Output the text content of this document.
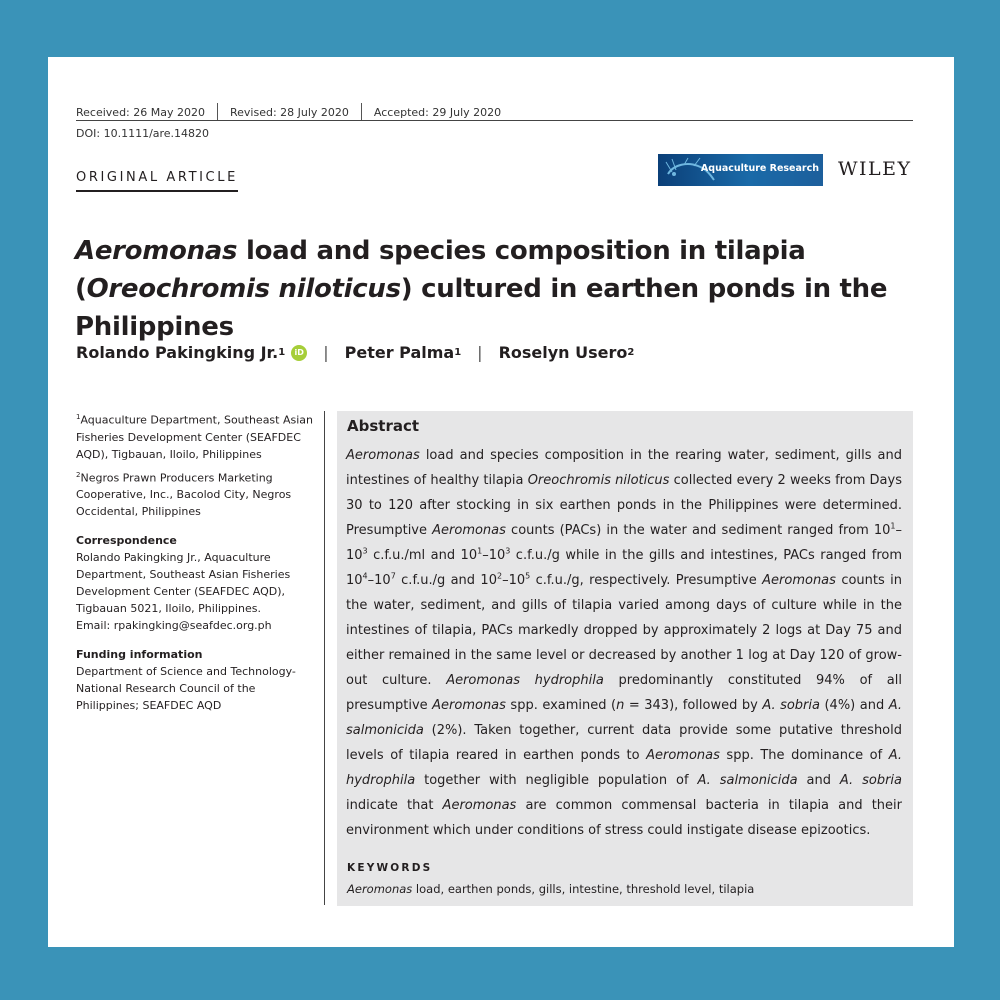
Received: 26 May 2020 Revised: 28 July 2020 Accepted: 29 July 2020
DOI: 10.1111/are.14820
ORIGINAL ARTICLE
Aquaculture Research WILEY
Aeromonas load and species composition in tilapia (Oreochromis niloticus) cultured in earthen ponds in the Philippines
Rolando Pakingking Jr. 1	iD | Peter Palma 1 | Roselyn Usero 2

$^1$Aquaculture Department, Southeast Asian Fisheries Development Center (SEAFDEC AQD), Tigbauan, Iloilo, Philippines

$^2$Negros Prawn Producers Marketing Cooperative, Inc., Bacolod City, Negros Occidental, Philippines

Correspondence

Rolando Pakingking Jr., Aquaculture Department, Southeast Asian Fisheries Development Center (SEAFDEC AQD), Tigbauan 5021, Iloilo, Philippines.

Email: rpakingking@seafdec.org.ph

Funding information

Department of Science and Technology-National Research Council of the Philippines; SEAFDEC AQD

Abstract
Aeromonas load and species composition in the rearing water, sediment, gills and intestines of healthy tilapia Oreochromis niloticus collected every 2 weeks from Days 30 to 120 after stocking in six earthen ponds in the Philippines were determined. Presumptive Aeromonas counts (PACs) in the water and sediment ranged from $10^1-10^3$ c.f.u./ml and $10^1-10^3$ c.f.u./g while in the gills and intestines, PACs ranged from $10^4-10^7$ c.f.u./g and $10^2-10^5$ c.f.u./g, respectively. Presumptive Aeromonas counts in the water, sediment, and gills of tilapia varied among days of culture while in the intestines of tilapia, PACs markedly dropped by approximately 2 logs at Day 75 and either remained in the same level or decreased by another 1 log at Day 120 of grow-out culture. Aeromonas hydrophila predominantly constituted 94% of all presumptive Aeromonas spp. examined (n = 343), followed by A. sobria (4%) and A. salmonicida (2%). Taken together, current data provide some putative threshold levels of tilapia reared in earthen ponds to Aeromonas spp. The dominance of A. hydrophila together with negligible population of A. salmonicida and A. sobria indicate that Aeromonas are common commensal bacteria in tilapia and their environment which under conditions of stress could instigate disease epizootics.
KEYWORDS
Aeromonas load, earthen ponds, gills, intestine, threshold level, tilapia
